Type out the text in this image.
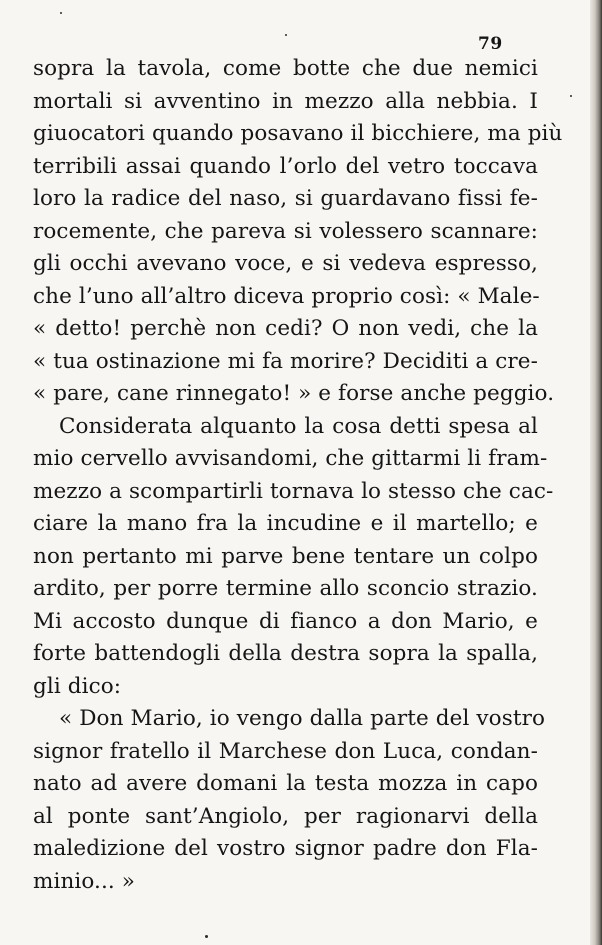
79
sopra la tavola, come botte che due nemici
mortali si avventino in mezzo alla nebbia. I
giuocatori quando posavano il bicchiere, ma più
terribili assai quando l’orlo del vetro toccava
loro la radice del naso, si guardavano fissi fe-
rocemente, che pareva si volessero scannare:
gli occhi avevano voce, e si vedeva espresso,
che l’uno all’altro diceva proprio così: « Male-
« detto! perchè non cedi? O non vedi, che la
« tua ostinazione mi fa morire? Deciditi a cre-
« pare, cane rinnegato! » e forse anche peggio.
Considerata alquanto la cosa detti spesa al
mio cervello avvisandomi, che gittarmi li fram-
mezzo a scompartirli tornava lo stesso che cac-
ciare la mano fra la incudine e il martello; e
non pertanto mi parve bene tentare un colpo
ardito, per porre termine allo sconcio strazio.
Mi accosto dunque di fianco a don Mario, e
forte battendogli della destra sopra la spalla,
gli dico:
« Don Mario, io vengo dalla parte del vostro
signor fratello il Marchese don Luca, condan-
nato ad avere domani la testa mozza in capo
al ponte sant’Angiolo, per ragionarvi della
maledizione del vostro signor padre don Fla-
minio... »
